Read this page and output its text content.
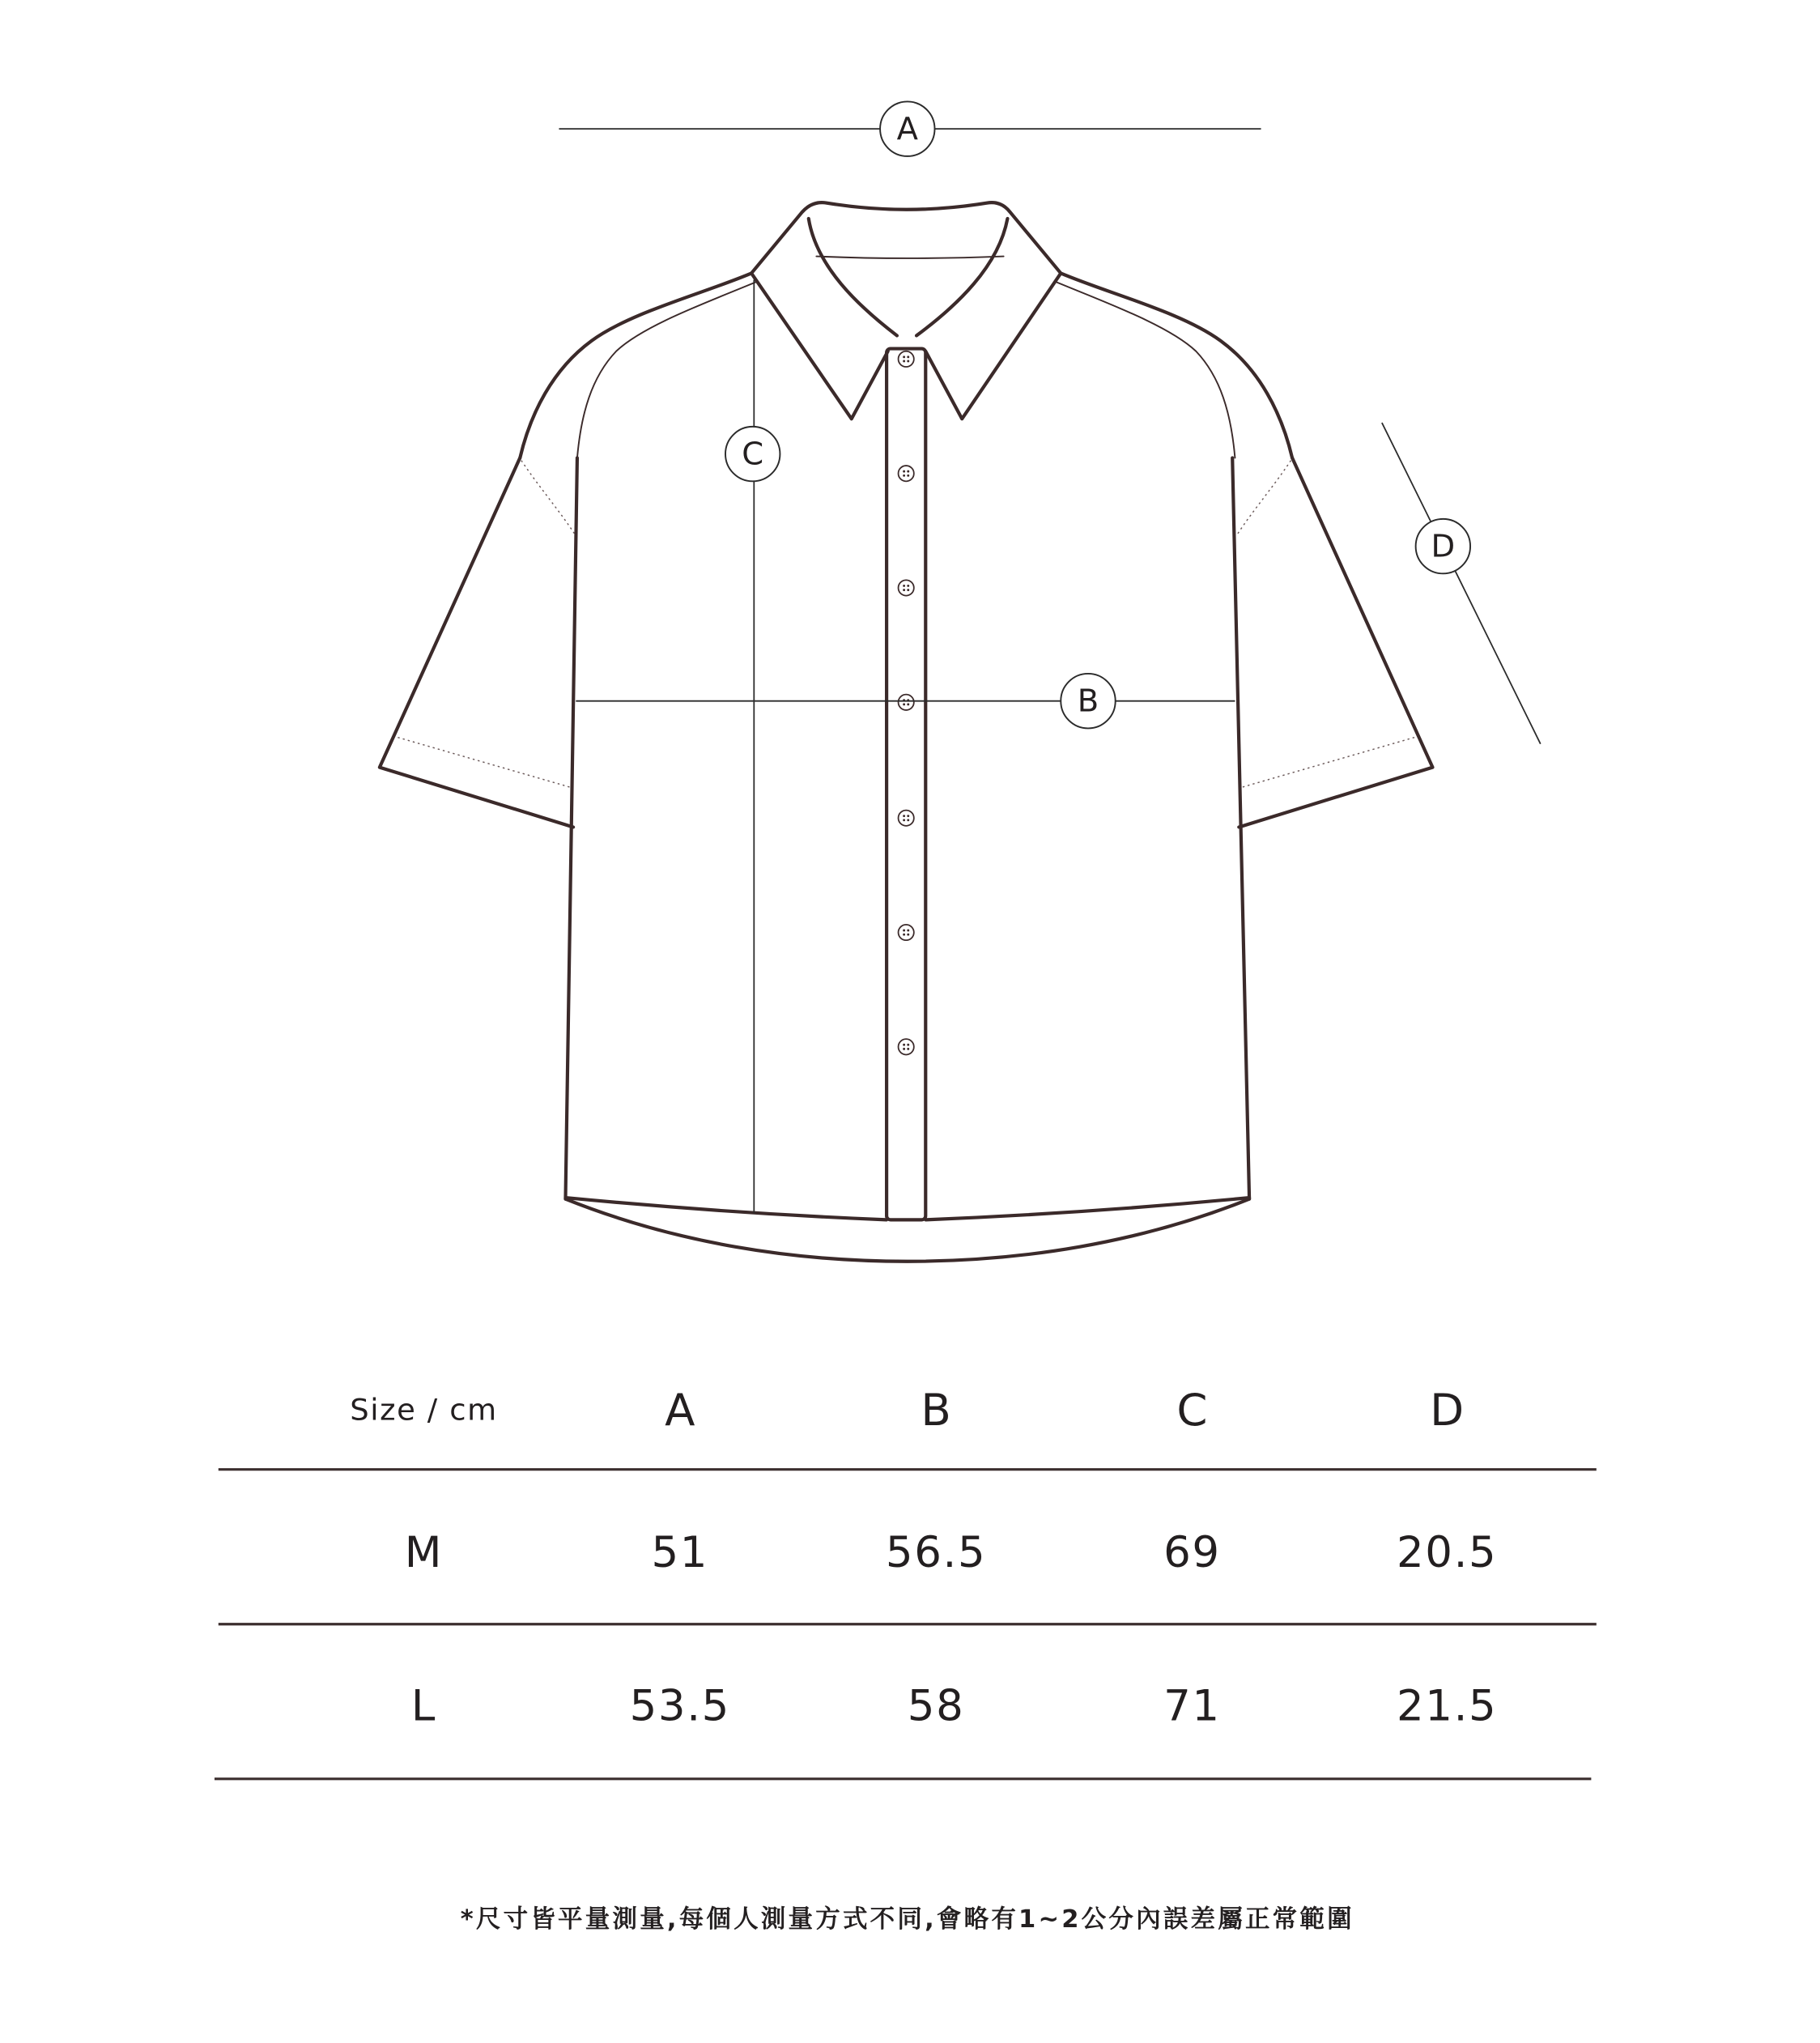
A
B
C
D
Size / cm	A	B	C	D
M	51	56.5	69	20.5
L	53.5	58	71	21.5
*尺寸皆平量測量,每個人測量方式不同,會略有1~2公分內誤差屬正常範圍
